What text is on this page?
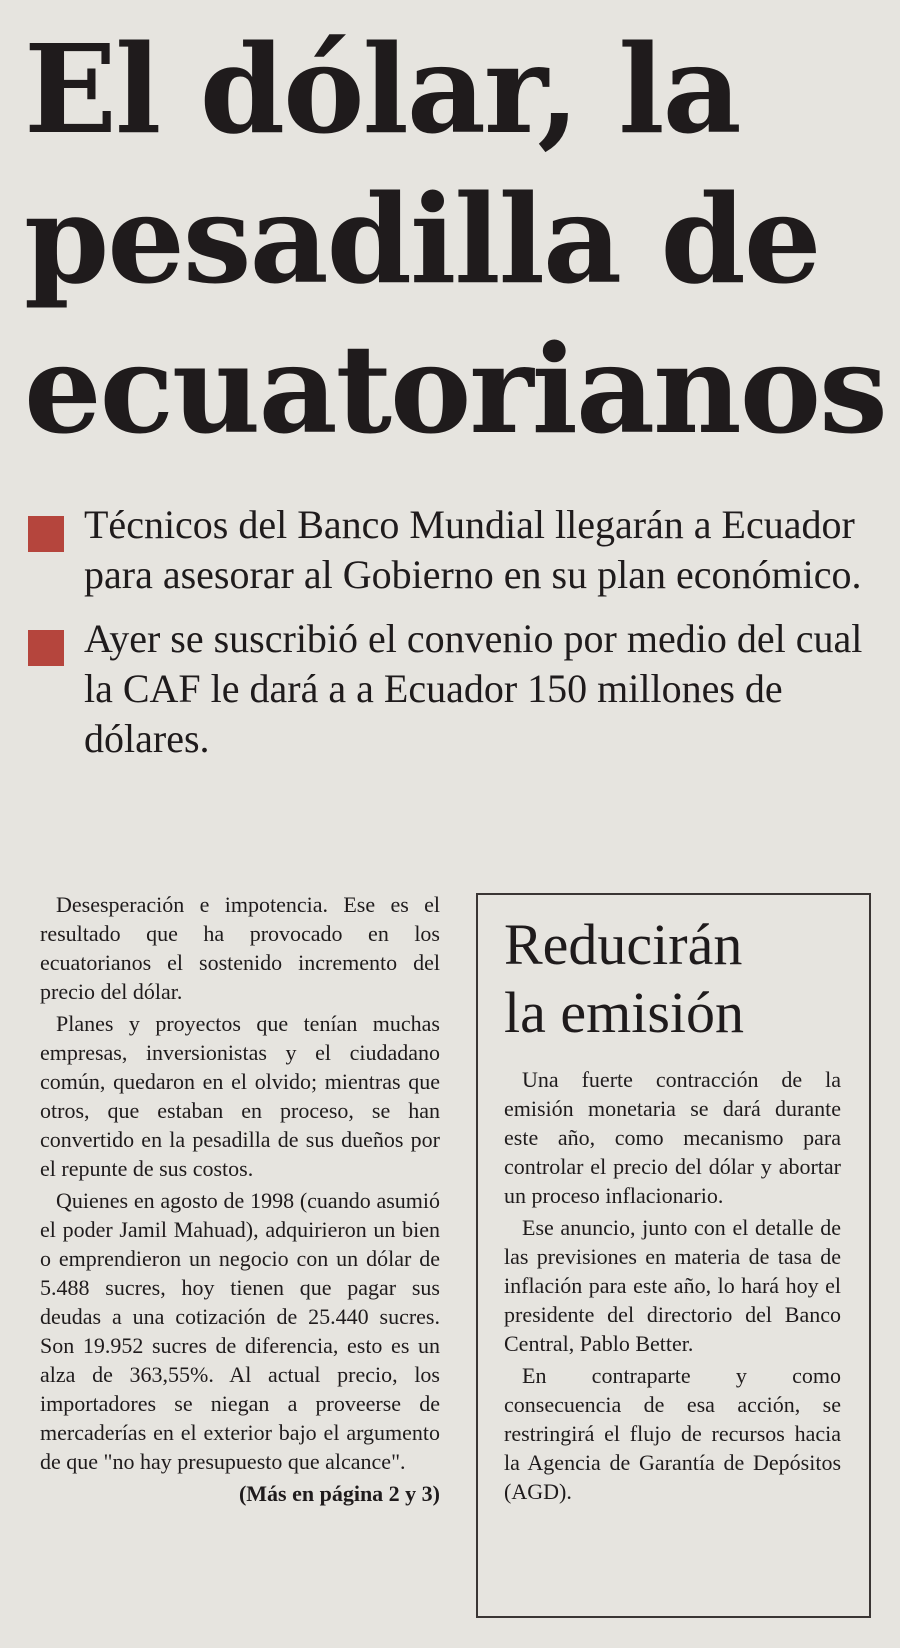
El dólar, la
pesadilla de
ecuatorianos
Técnicos del Banco Mundial llegarán a Ecuador para asesorar al Gobierno en su plan económico.
Ayer se suscribió el convenio por medio del cual la CAF le dará a a Ecuador 150 millones de dólares.

Desesperación e impotencia. Ese es el resultado que ha provocado en los ecuatorianos el sostenido incremento del precio del dólar.

Planes y proyectos que tenían muchas empresas, inversionistas y el ciudadano común, quedaron en el olvido; mientras que otros, que estaban en proceso, se han convertido en la pesadilla de sus dueños por el repunte de sus costos.

Quienes en agosto de 1998 (cuando asumió el poder Jamil Mahuad), adquirieron un bien o emprendieron un negocio con un dólar de 5.488 sucres, hoy tienen que pagar sus deudas a una cotización de 25.440 sucres. Son 19.952 sucres de diferencia, esto es un alza de 363,55%. Al actual precio, los importadores se niegan a proveerse de mercaderías en el exterior bajo el argumento de que "no hay presupuesto que alcance".

(Más en página 2 y 3)
Reducirán
la emisión

Una fuerte contracción de la emisión monetaria se dará durante este año, como mecanismo para controlar el precio del dólar y abortar un proceso inflacionario.

Ese anuncio, junto con el detalle de las previsiones en materia de tasa de inflación para este año, lo hará hoy el presidente del directorio del Banco Central, Pablo Better.

En contraparte y como consecuencia de esa acción, se restringirá el flujo de recursos hacia la Agencia de Garantía de Depósitos (AGD).
